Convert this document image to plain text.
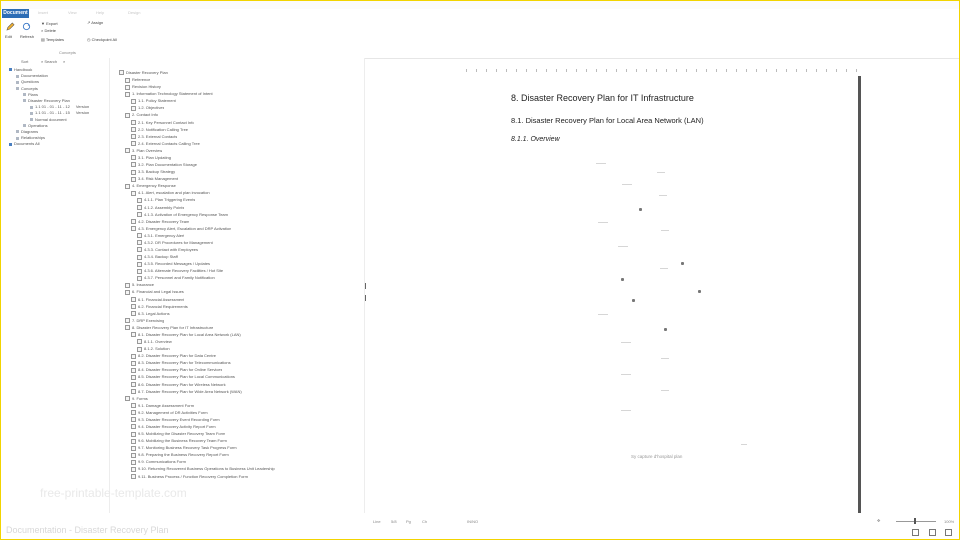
Document	Insert	View	Help	Design
Edit Refresh
▼ Export
× Delete
▤ Templates
↗ Assign
◷ Checkpoint All
Concepts
Sort	⌕ Search ⌕
Handbook
Documentation
Questions
Concepts
Plans
Disaster Recovery Plan
1.1 01 - 01 - 11 - 12 Version
1.1 01 - 01 - 11 - 15 Version
Normal document
Operations
Diagrams
Relationships
Documents All
Disaster Recovery Plan
Reference
Revision History
1. Information Technology Statement of Intent
1.1. Policy Statement
1.2. Objectives
2. Contact Info
2.1. Key Personnel Contact Info
2.2. Notification Calling Tree
2.3. External Contacts
2.4. External Contacts Calling Tree
3. Plan Overview
3.1. Plan Updating
3.2. Plan Documentation Storage
3.3. Backup Strategy
3.4. Risk Management
4. Emergency Response
4.1. Alert, escalation and plan invocation
4.1.1. Plan Triggering Events
4.1.2. Assembly Points
4.1.3. Activation of Emergency Response Team
4.2. Disaster Recovery Team
4.3. Emergency Alert, Escalation and DRP Activation
4.3.1. Emergency Alert
4.3.2. DR Procedures for Management
4.3.3. Contact with Employees
4.3.4. Backup Staff
4.3.5. Recorded Messages / Updates
4.3.6. Alternate Recovery Facilities / Hot Site
4.3.7. Personnel and Family Notification
5. Insurance
6. Financial and Legal Issues
6.1. Financial Assessment
6.2. Financial Requirements
6.3. Legal Actions
7. DRP Exercising
8. Disaster Recovery Plan for IT Infrastructure
8.1. Disaster Recovery Plan for Local Area Network (LAN)
8.1.1. Overview
8.1.2. Solution
8.2. Disaster Recovery Plan for Data Centre
8.3. Disaster Recovery Plan for Telecommunications
8.4. Disaster Recovery Plan for Online Services
8.5. Disaster Recovery Plan for Local Communications
8.6. Disaster Recovery Plan for Wireless Network
8.7. Disaster Recovery Plan for Wide Area Network (WAN)
9. Forms
9.1. Damage Assessment Form
9.2. Management of DR Activities Form
9.3. Disaster Recovery Event Recording Form
9.4. Disaster Recovery Activity Report Form
9.5. Mobilizing the Disaster Recovery Team Form
9.6. Mobilizing the Business Recovery Team Form
9.7. Monitoring Business Recovery Task Progress Form
9.8. Preparing the Business Recovery Report Form
9.9. Communications Form
9.10. Returning Recovered Business Operations to Business Unit Leadership
9.11. Business Process / Function Recovery Completion Form
8. Disaster Recovery Plan for IT Infrastructure
8.1. Disaster Recovery Plan for Local Area Network (LAN)
8.1.1. Overview
Sy capture d'hospital plan
free-printable-template.com
Line	5/8 Pg	Ch	IN/NO	✥	100%
Documentation - Disaster Recovery Plan
